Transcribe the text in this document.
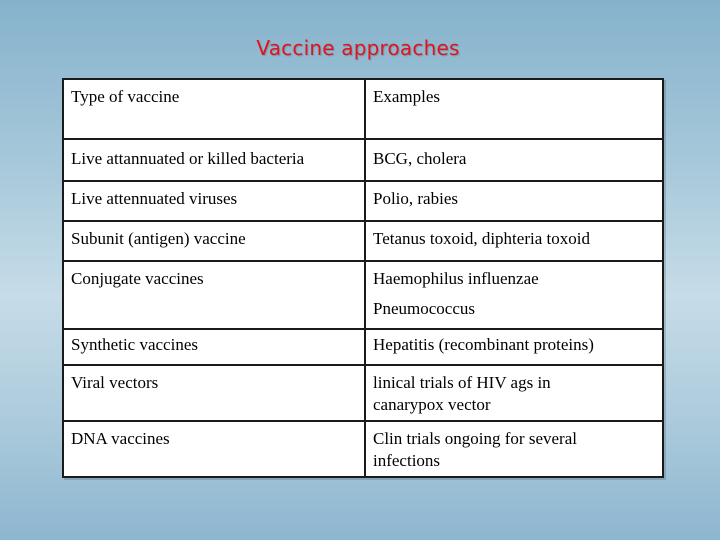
Vaccine approaches
Type of vaccine	Examples
Live attannuated or killed bacteria	BCG, cholera

Live attennuated viruses	Polio, rabies

Subunit (antigen) vaccine	Tetanus toxoid, diphteria toxoid

Conjugate vaccines	Haemophilus influenzae
Pneumococcus

Synthetic vaccines	Hepatitis (recombinant proteins)

Viral vectors	linical trials of HIV ags in
canarypox vector

DNA vaccines	Clin trials ongoing for several
infections
